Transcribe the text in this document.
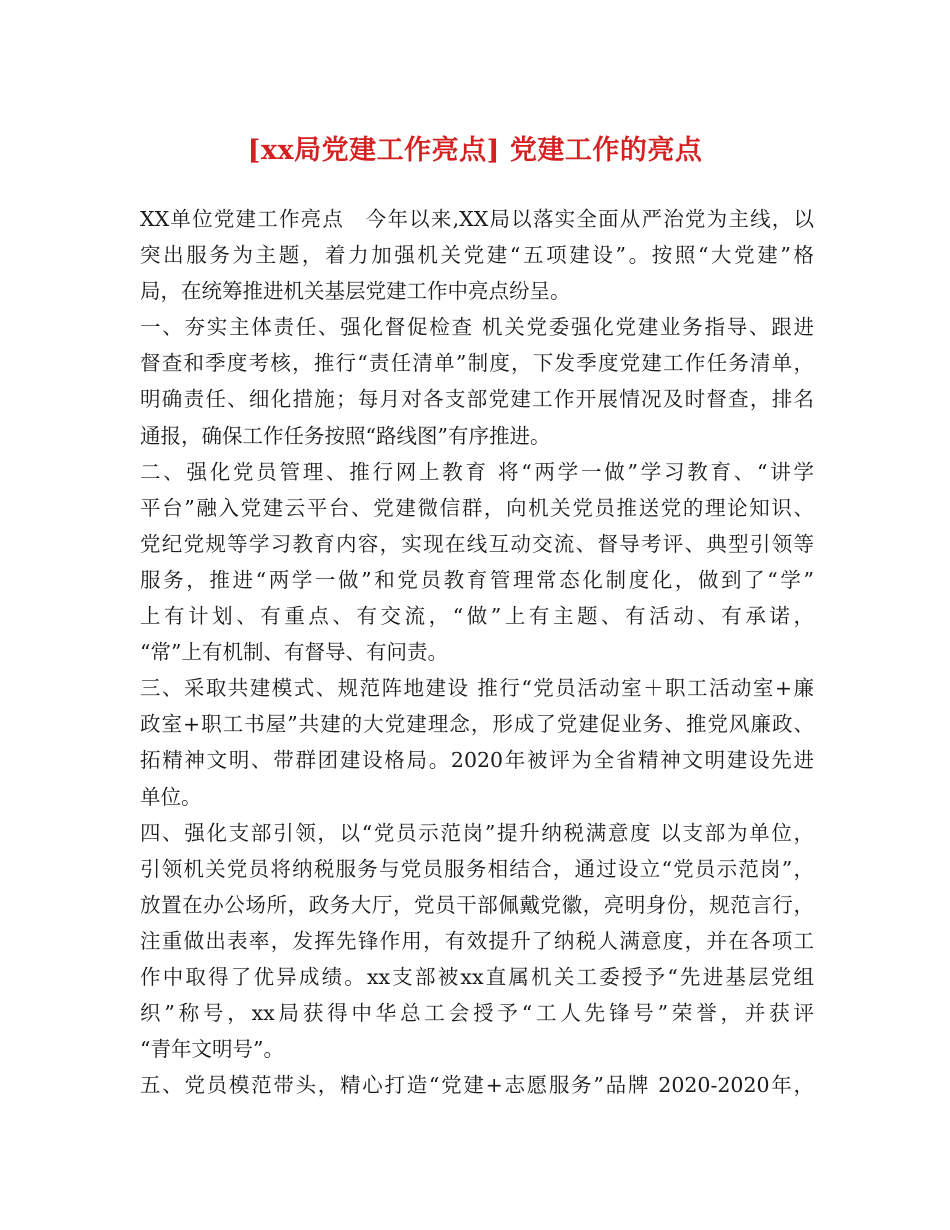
[xx局党建工作亮点] 党建工作的亮点
XX单位党建工作亮点　今年以来,XX局以落实全面从严治党为主线，以
突出服务为主题，着力加强机关党建“五项建设”。按照“大党建”格
局，在统筹推进机关基层党建工作中亮点纷呈。
一、夯实主体责任、强化督促检查 机关党委强化党建业务指导、跟进
督查和季度考核，推行“责任清单”制度，下发季度党建工作任务清单，
明确责任、细化措施；每月对各支部党建工作开展情况及时督查，排名
通报，确保工作任务按照“路线图”有序推进。
二、强化党员管理、推行网上教育 将“两学一做”学习教育、“讲学
平台”融入党建云平台、党建微信群，向机关党员推送党的理论知识、
党纪党规等学习教育内容，实现在线互动交流、督导考评、典型引领等
服务，推进“两学一做”和党员教育管理常态化制度化，做到了“学”
上有计划、有重点、有交流，“做”上有主题、有活动、有承诺，
“常”上有机制、有督导、有问责。
三、采取共建模式、规范阵地建设 推行“党员活动室＋职工活动室+廉
政室+职工书屋”共建的大党建理念，形成了党建促业务、推党风廉政、
拓精神文明、带群团建设格局。2020年被评为全省精神文明建设先进
单位。
四、强化支部引领，以“党员示范岗”提升纳税满意度 以支部为单位，
引领机关党员将纳税服务与党员服务相结合，通过设立“党员示范岗”，
放置在办公场所，政务大厅，党员干部佩戴党徽，亮明身份，规范言行，
注重做出表率，发挥先锋作用，有效提升了纳税人满意度，并在各项工
作中取得了优异成绩。xx支部被xx直属机关工委授予“先进基层党组
织”称号，xx局获得中华总工会授予“工人先锋号”荣誉，并获评
“青年文明号”。
五、党员模范带头，精心打造“党建+志愿服务”品牌 2020-2020年，
